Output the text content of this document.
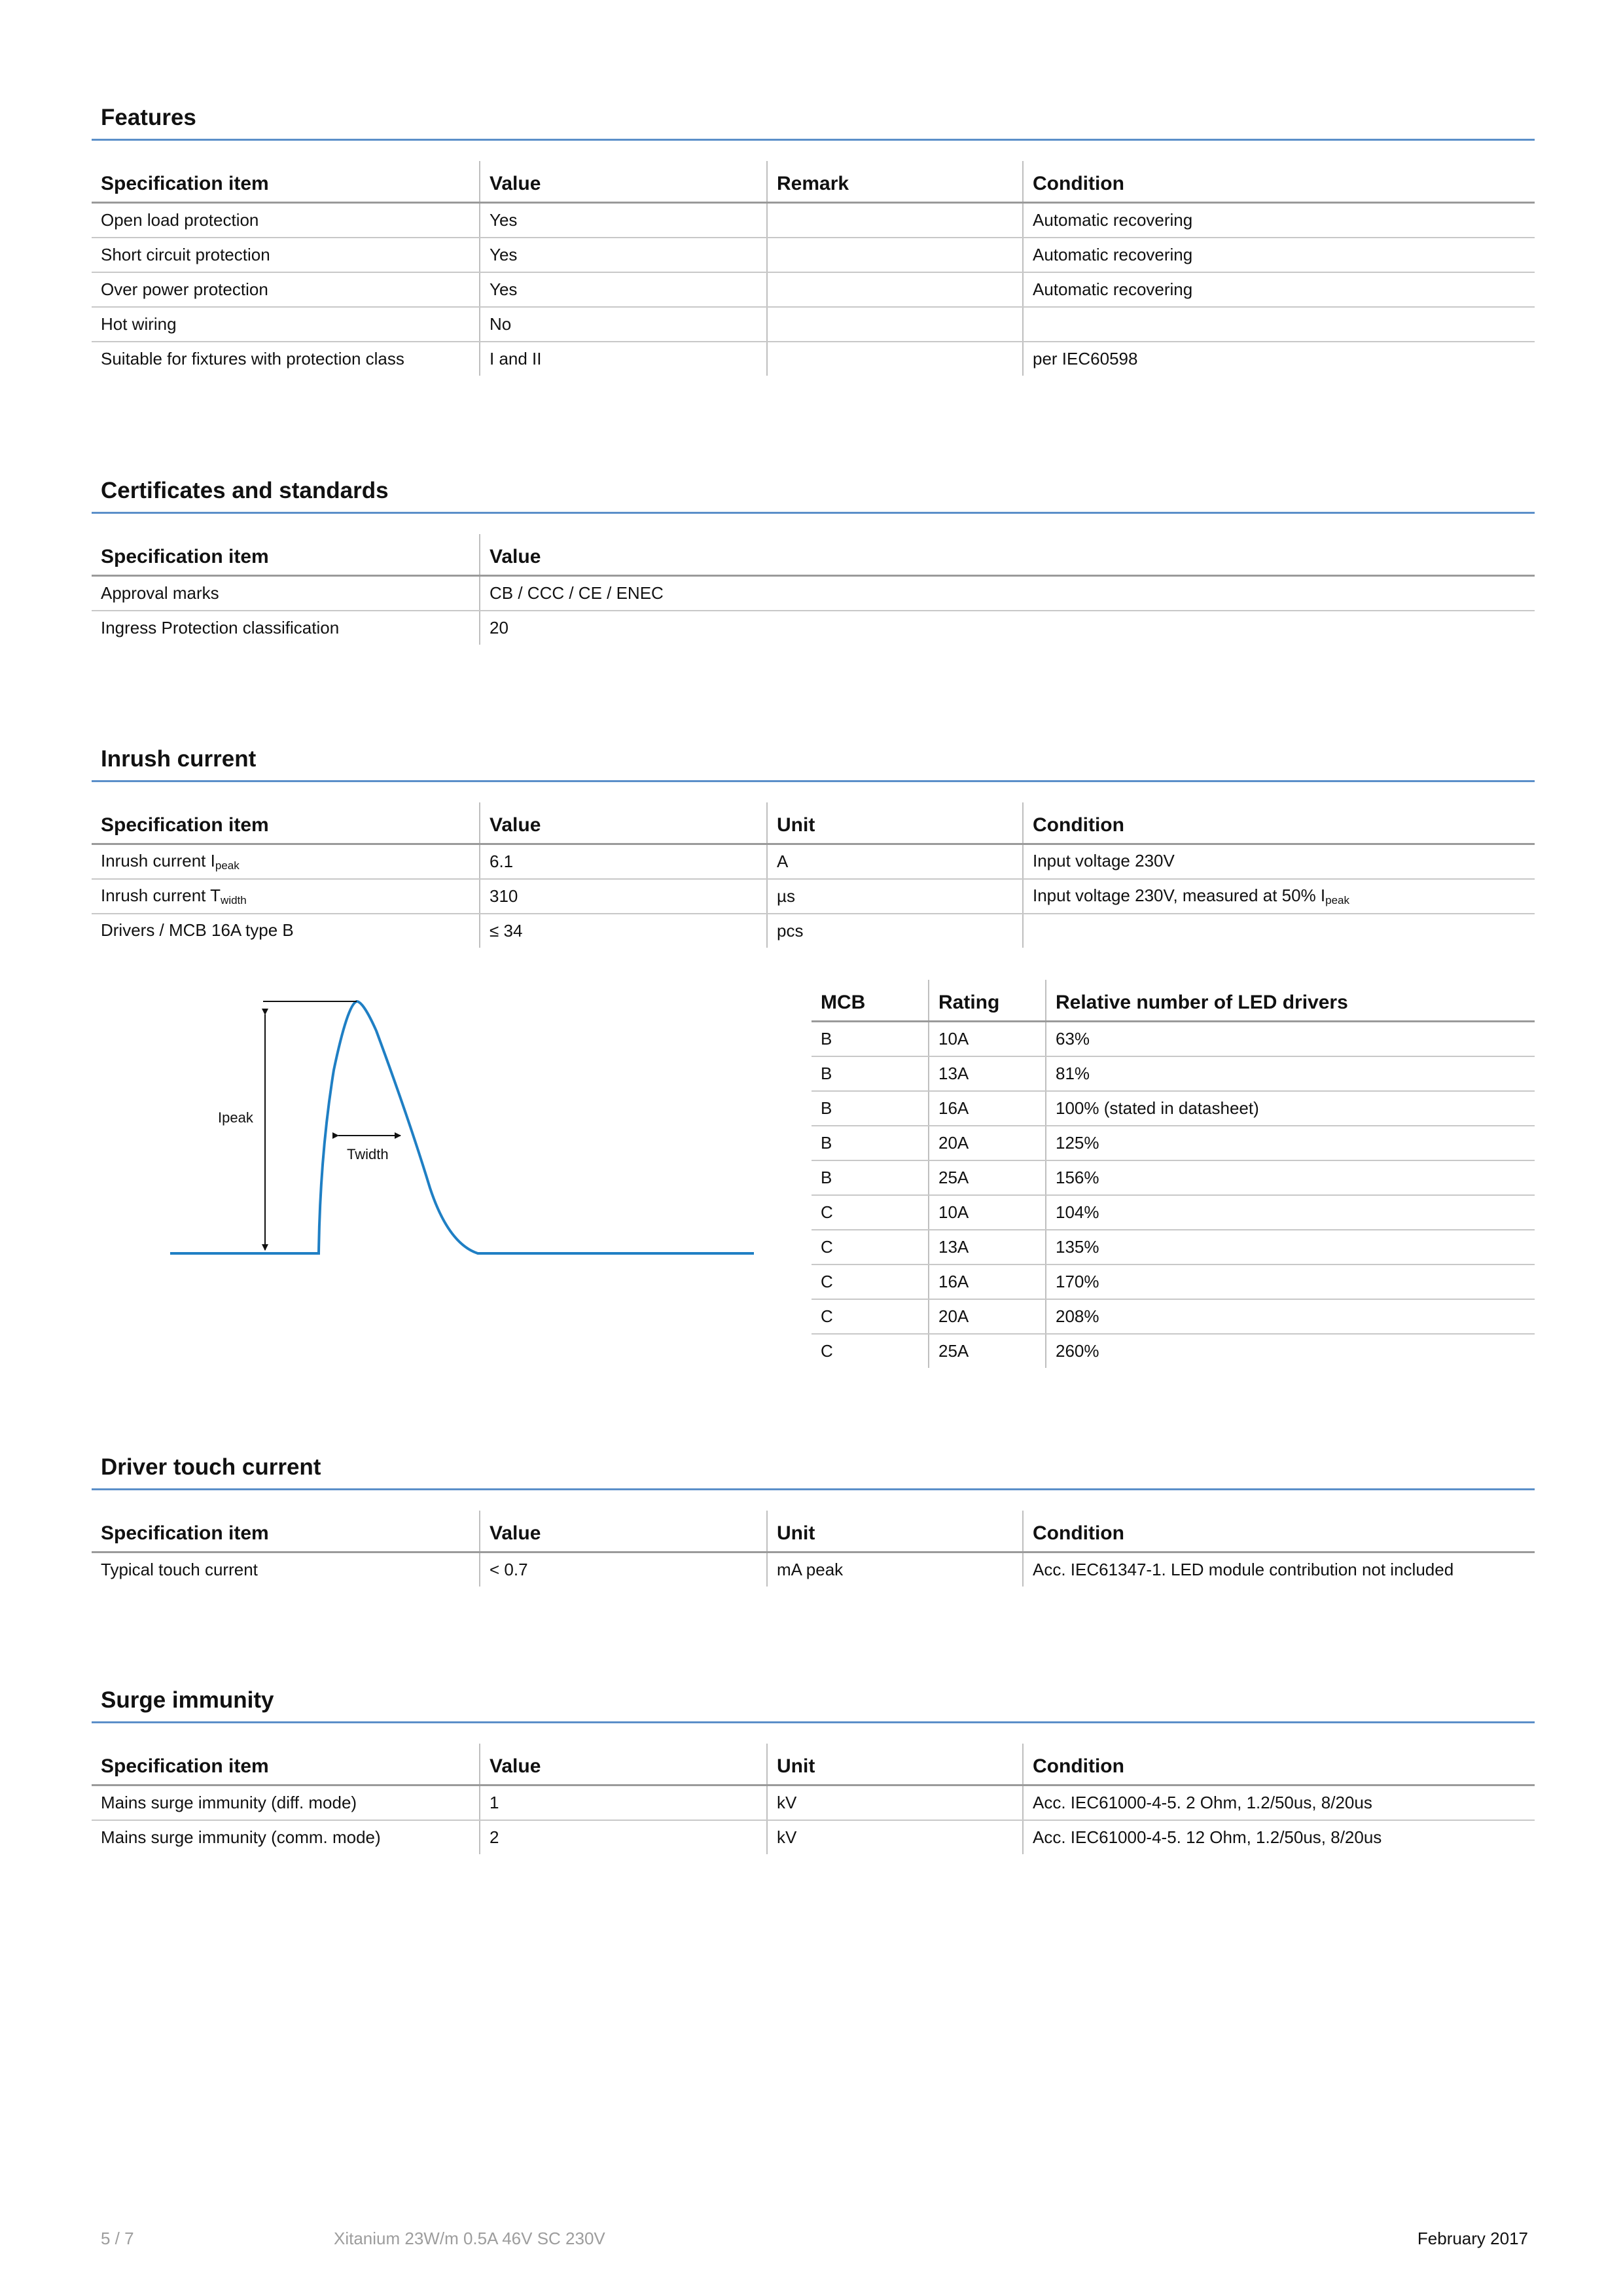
Features
Specification item	Value	Remark	Condition
Open load protection	Yes		Automatic recovering
Short circuit protection	Yes		Automatic recovering
Over power protection	Yes		Automatic recovering
Hot wiring	No		
Suitable for fixtures with protection class	I and II		per IEC60598
Certificates and standards
Specification item	Value
Approval marks	CB / CCC / CE / ENEC
Ingress Protection classification	20
Inrush current
Specification item	Value	Unit	Condition
Inrush current $I_{peak}$	6.1	A	Input voltage 230V
Inrush current $T_{width}$	310	µs	Input voltage 230V, measured at 50% $I_{peak}$
Drivers / MCB 16A type B	≤ 34	pcs	
Ipeak
Twidth
MCB	Rating	Relative number of LED drivers
B	10A	63%
B	13A	81%
B	16A	100% (stated in datasheet)
B	20A	125%
B	25A	156%
C	10A	104%
C	13A	135%
C	16A	170%
C	20A	208%
C	25A	260%
Driver touch current
Specification item	Value	Unit	Condition
Typical touch current	< 0.7	mA peak	Acc. IEC61347-1. LED module contribution not included
Surge immunity
Specification item	Value	Unit	Condition
Mains surge immunity (diff. mode)	1	kV	Acc. IEC61000-4-5. 2 Ohm, 1.2/50us, 8/20us
Mains surge immunity (comm. mode)	2	kV	Acc. IEC61000-4-5. 12 Ohm, 1.2/50us, 8/20us
5 / 7	Xitanium 23W/m 0.5A 46V SC 230V	February 2017
